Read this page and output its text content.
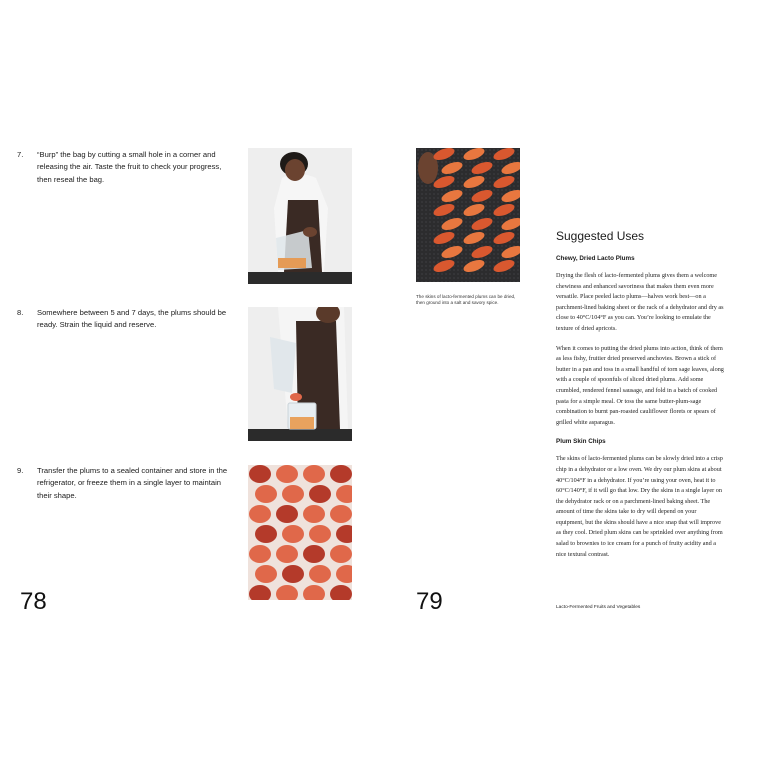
7.	“Burp” the bag by cutting a small hole in a corner and releasing the air. Taste the fruit to check your progress, then reseal the bag.
8.	Somewhere between 5 and 7 days, the plums should be ready. Strain the liquid and reserve.
9.	Transfer the plums to a sealed container and store in the refrigerator, or freeze them in a single layer to maintain their shape.
78
The skins of lacto-fermented plums can be dried, then ground into a salt and savory spice.
Suggested Uses
Chewy, Dried Lacto Plums

Drying the flesh of lacto-fermented plums gives them a welcome chewiness and enhanced savoriness that makes them even more versatile. Place peeled lacto plums—halves work best—on a parchment-lined baking sheet or the rack of a dehydrator and dry as close to 40°C/104°F as you can. You’re looking to emulate the texture of dried apricots.

When it comes to putting the dried plums into action, think of them as less fishy, fruitier dried preserved anchovies. Brown a stick of butter in a pan and toss in a small handful of torn sage leaves, along with a couple of spoonfuls of sliced dried plums. Add some crumbled, rendered fennel sausage, and fold in a batch of cooked pasta for a simple meal. Or toss the same butter-plum-sage combination to burnt pan-roasted cauliflower florets or spears of grilled white asparagus.

Plum Skin Chips

The skins of lacto-fermented plums can be slowly dried into a crisp chip in a dehydrator or a low oven. We dry our plum skins at about 40°C/104°F in a dehydrator. If you’re using your oven, heat it to 60°C/140°F, if it will go that low. Dry the skins in a single layer on the dehydrator rack or on a parchment-lined baking sheet. The amount of time the skins take to dry will depend on your equipment, but the skins should have a nice snap that will improve as they cool. Dried plum skins can be sprinkled over anything from salad to brownies to ice cream for a punch of fruity acidity and a nice textural contrast.

79	Lacto-Fermented Fruits and Vegetables
